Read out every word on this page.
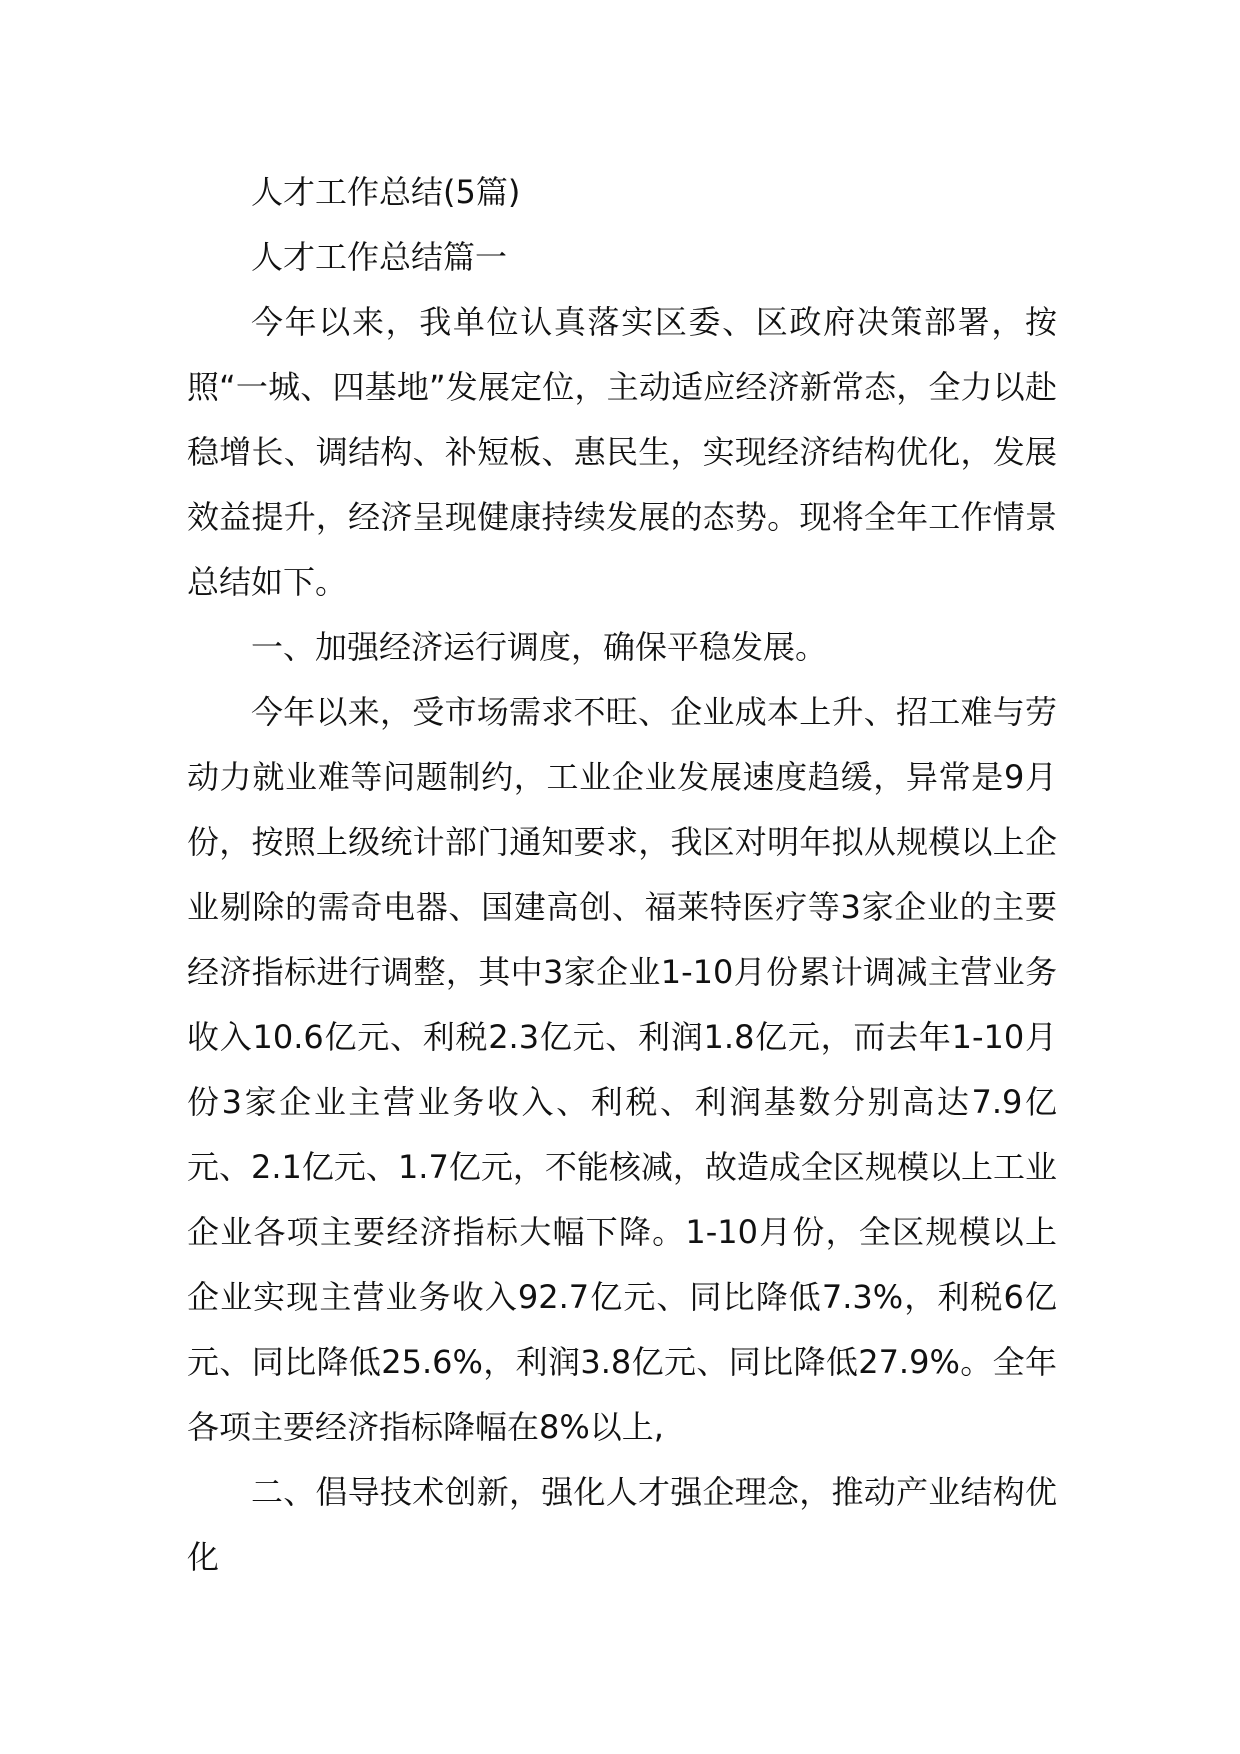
人才工作总结(5篇)

人才工作总结篇一

今年以来，我单位认真落实区委、区政府决策部署，按照“一城、四基地”发展定位，主动适应经济新常态，全力以赴稳增长、调结构、补短板、惠民生，实现经济结构优化，发展效益提升，经济呈现健康持续发展的态势。现将全年工作情景总结如下。

一、加强经济运行调度，确保平稳发展。

今年以来，受市场需求不旺、企业成本上升、招工难与劳动力就业难等问题制约，工业企业发展速度趋缓，异常是9月份，按照上级统计部门通知要求，我区对明年拟从规模以上企业剔除的需奇电器、国建高创、福莱特医疗等3家企业的主要经济指标进行调整，其中3家企业1-10月份累计调减主营业务收入10.6亿元、利税2.3亿元、利润1.8亿元，而去年1-10月份3家企业主营业务收入、利税、利润基数分别高达7.9亿元、2.1亿元、1.7亿元，不能核减，故造成全区规模以上工业企业各项主要经济指标大幅下降。1-10月份，全区规模以上企业实现主营业务收入92.7亿元、同比降低7.3%，利税6亿元、同比降低25.6%，利润3.8亿元、同比降低27.9%。全年各项主要经济指标降幅在8%以上,

二、倡导技术创新，强化人才强企理念，推动产业结构优化
